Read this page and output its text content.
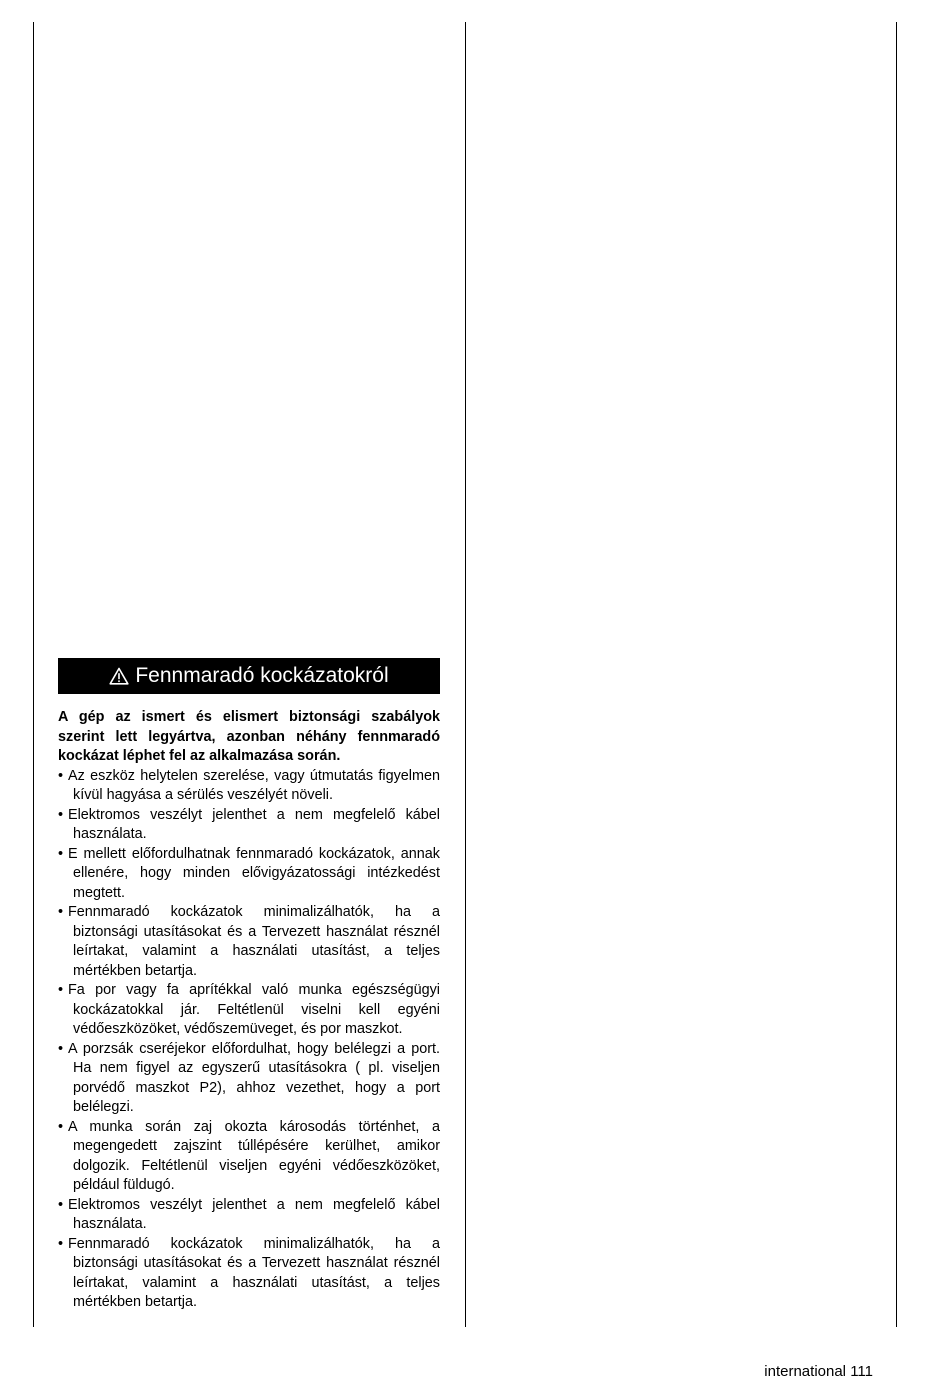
Fennmaradó kockázatokról
A gép az ismert és elismert biztonsági szabályok szerint lett legyártva, azonban néhány fennmaradó kockázat léphet fel az alkalmazása során.
• Az eszköz helytelen szerelése, vagy útmutatás figyelmen kívül hagyása a sérülés veszélyét növeli.
• Elektromos veszélyt jelenthet a nem megfelelő kábel használata.
• E mellett előfordulhatnak fennmaradó kockázatok, annak ellenére, hogy minden elővigyázatossági intézkedést megtett.
• Fennmaradó kockázatok minimalizálhatók, ha a biztonsági utasításokat és a Tervezett használat résznél leírtakat, valamint a használati utasítást, a teljes mértékben betartja.
• Fa por vagy fa aprítékkal való munka egészségügyi kockázatokkal jár. Feltétlenül viselni kell egyéni védőeszközöket, védőszemüveget, és por maszkot.
• A porzsák cseréjekor előfordulhat, hogy belélegzi a port. Ha nem figyel az egyszerű utasításokra ( pl. viseljen porvédő maszkot P2), ahhoz vezethet, hogy a port belélegzi.
• A munka során zaj okozta károsodás történhet, a megengedett zajszint túllépésére kerülhet, amikor dolgozik. Feltétlenül viseljen egyéni védőeszközöket, például füldugó.
• Elektromos veszélyt jelenthet a nem megfelelő kábel használata.
• Fennmaradó kockázatok minimalizálhatók, ha a biztonsági utasításokat és a Tervezett használat résznél leírtakat, valamint a használati utasítást, a teljes mértékben betartja.
international 111
